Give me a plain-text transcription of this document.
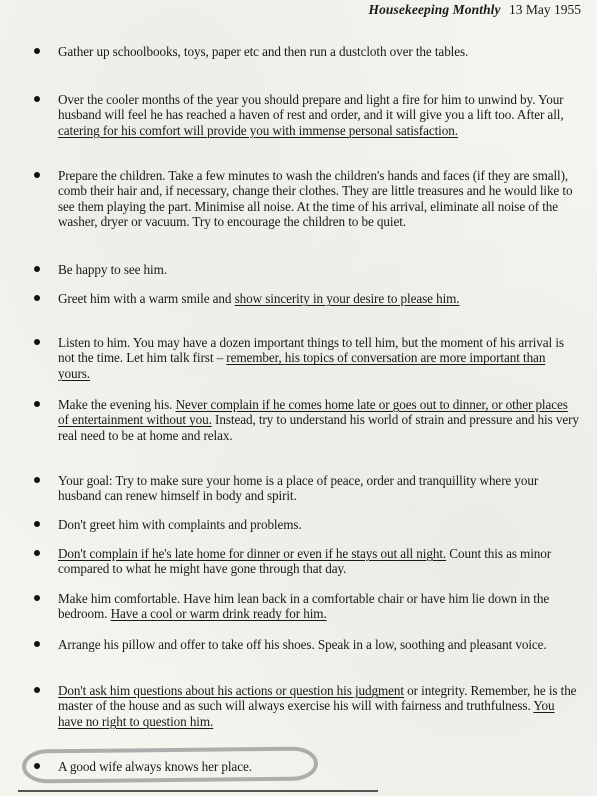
Housekeeping Monthly 13 May 1955
Gather up schoolbooks, toys, paper etc and then run a dustcloth over the tables.
Over the cooler months of the year you should prepare and light a fire for him to unwind by. Your husband will feel he has reached a haven of rest and order, and it will give you a lift too. After all, catering for his comfort will provide you with immense personal satisfaction.
Prepare the children. Take a few minutes to wash the children's hands and faces (if they are small), comb their hair and, if necessary, change their clothes. They are little treasures and he would like to see them playing the part. Minimise all noise. At the time of his arrival, eliminate all noise of the washer, dryer or vacuum. Try to encourage the children to be quiet.
Be happy to see him.
Greet him with a warm smile and show sincerity in your desire to please him.
Listen to him. You may have a dozen important things to tell him, but the moment of his arrival is not the time. Let him talk first – remember, his topics of conversation are more important than yours.
Make the evening his. Never complain if he comes home late or goes out to dinner, or other places of entertainment without you. Instead, try to understand his world of strain and pressure and his very real need to be at home and relax.
Your goal: Try to make sure your home is a place of peace, order and tranquillity where your husband can renew himself in body and spirit.
Don't greet him with complaints and problems.
Don't complain if he's late home for dinner or even if he stays out all night. Count this as minor compared to what he might have gone through that day.
Make him comfortable. Have him lean back in a comfortable chair or have him lie down in the bedroom. Have a cool or warm drink ready for him.
Arrange his pillow and offer to take off his shoes. Speak in a low, soothing and pleasant voice.
Don't ask him questions about his actions or question his judgment or integrity. Remember, he is the master of the house and as such will always exercise his will with fairness and truthfulness. You have no right to question him.
A good wife always knows her place.
